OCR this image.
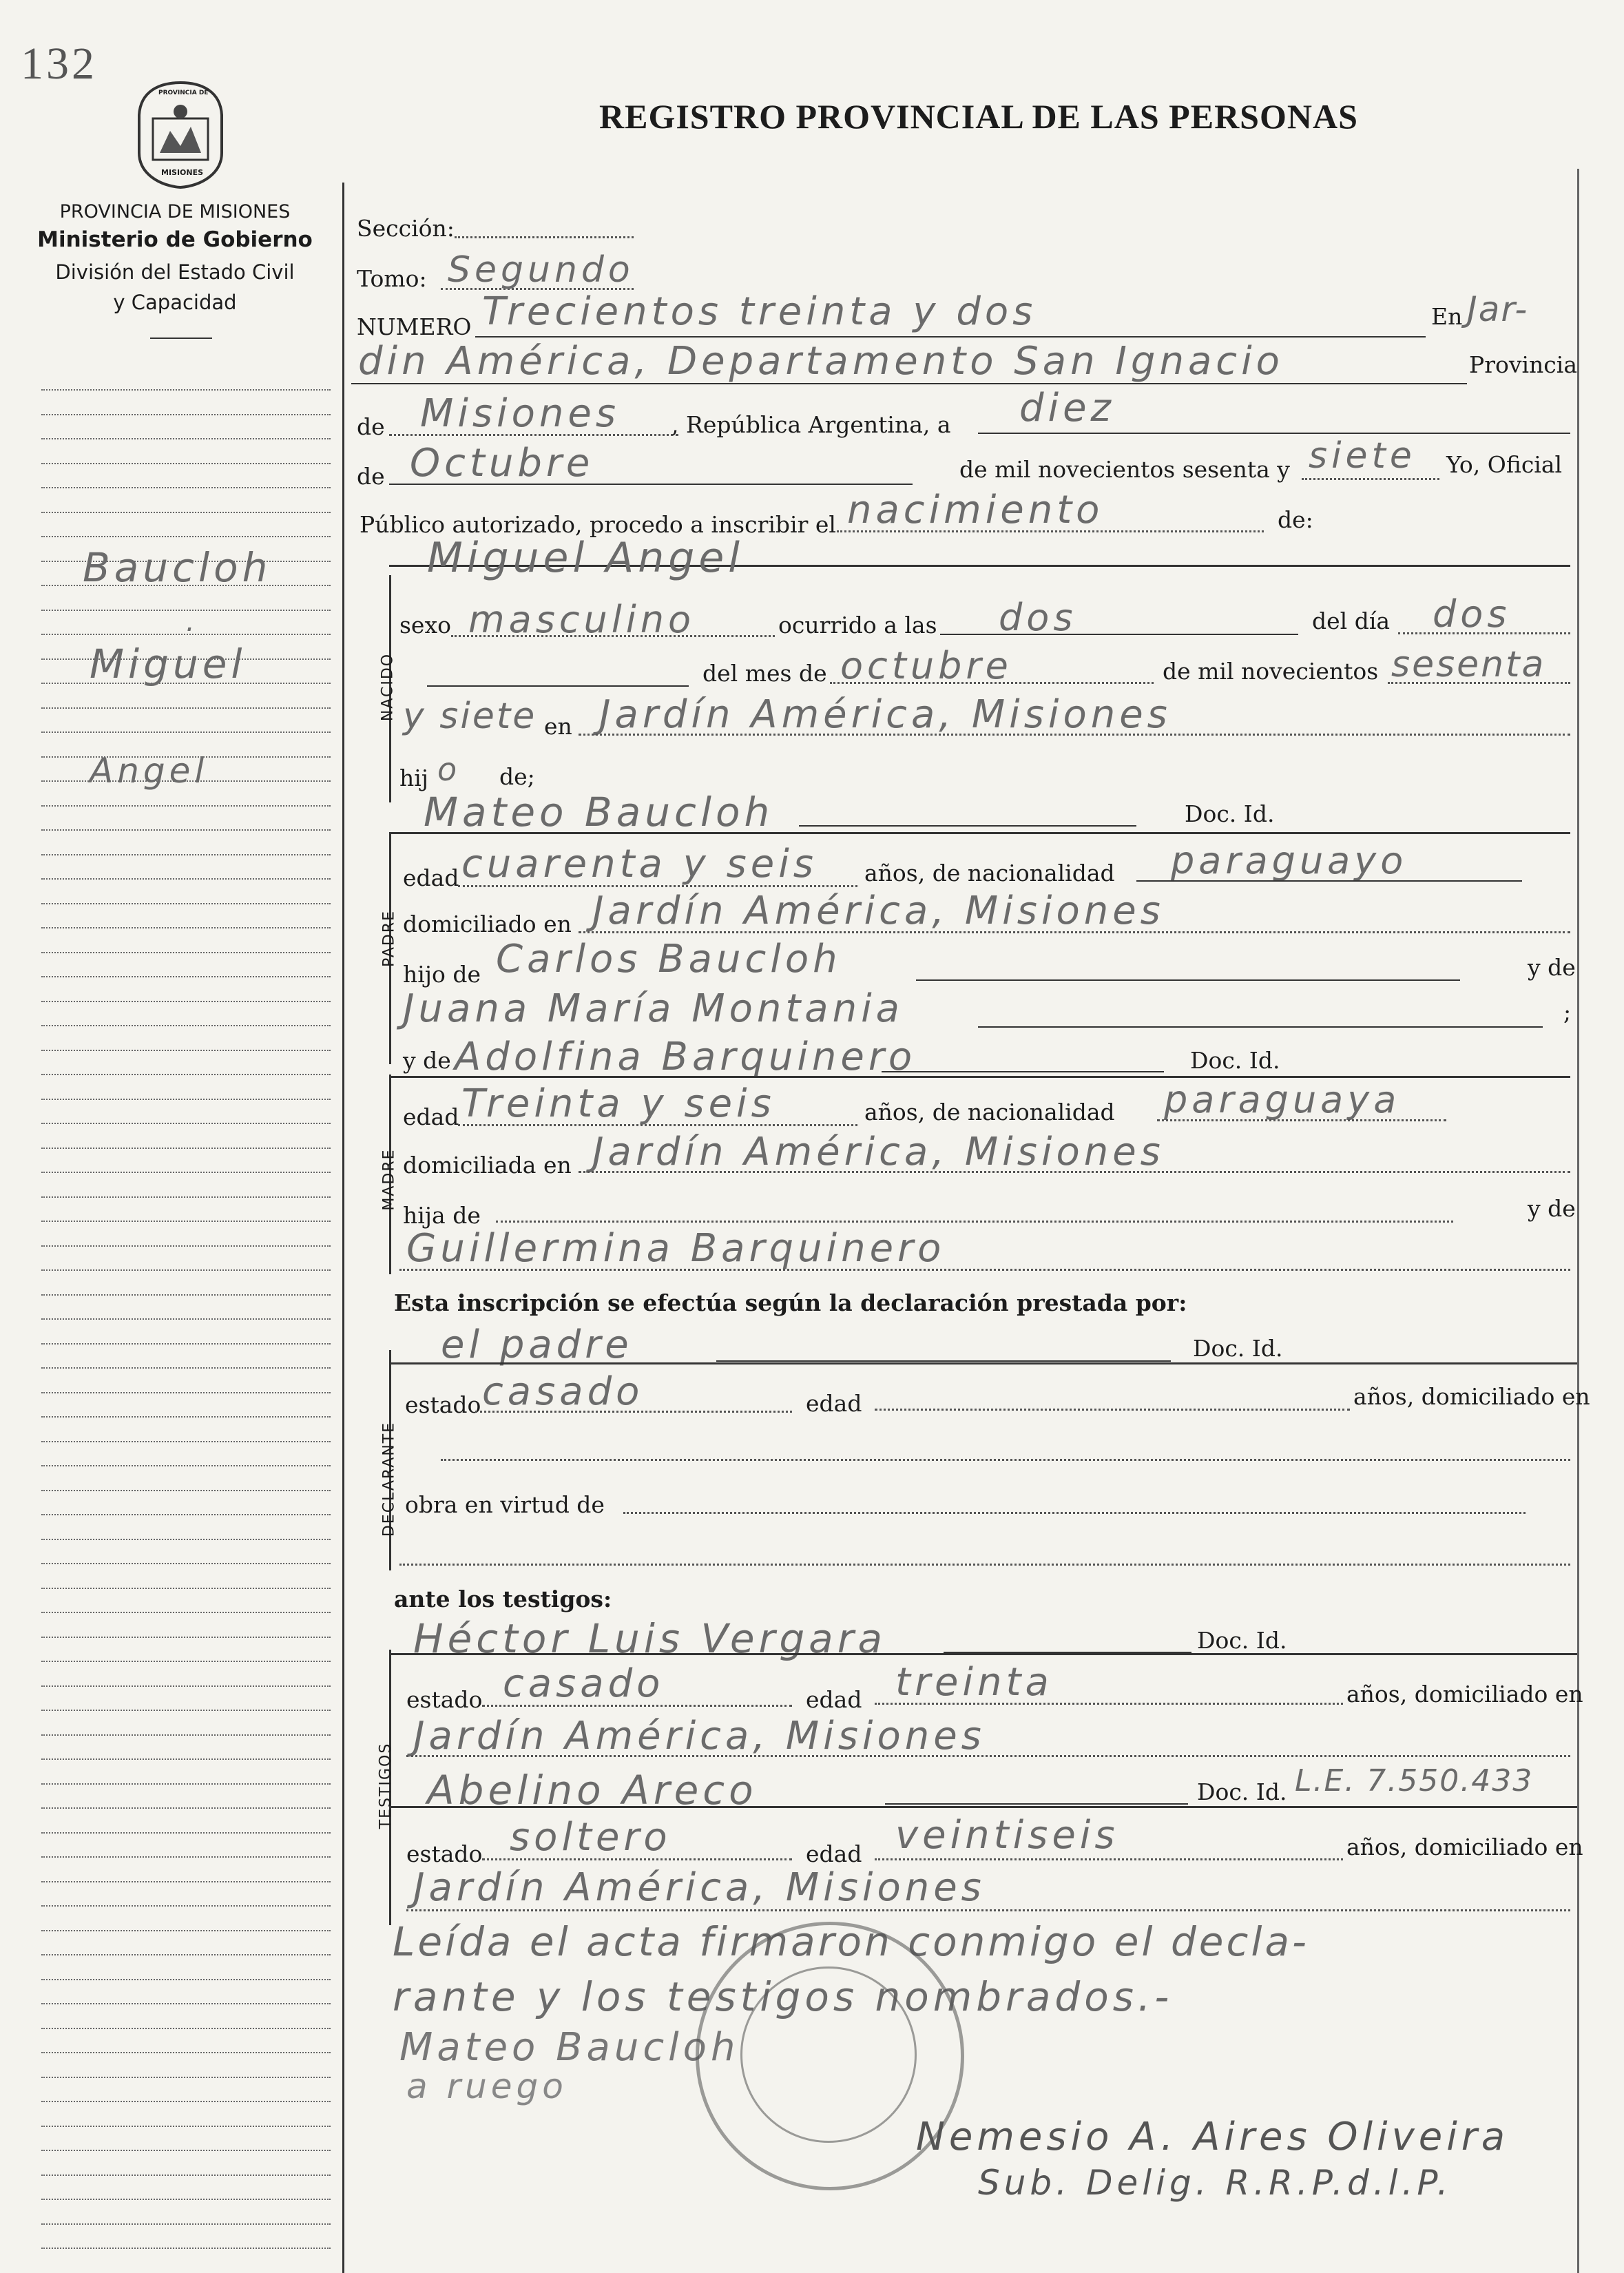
132
PROVINCIA DE
MISIONES
REGISTRO PROVINCIAL DE LAS PERSONAS
PROVINCIA DE MISIONES
Ministerio de Gobierno
División del Estado Civil
y Capacidad
Baucloh
.
Miguel
Angel
Sección:
Tomo: Segundo
NUMERO Trecientos treinta y dos	En Jar-
din América, Departamento San Ignacio	Provincia
de Misiones , República Argentina, a diez
de Octubre	de mil novecientos sesenta y siete Yo, Oficial
Público autorizado, procedo a inscribir el nacimiento	de:
NACIDO
Miguel Angel
sexo masculino	ocurrido a las dos	del día dos
del mes de octubre	de mil novecientos sesenta
y siete en Jardín América, Misiones
hij o de;
PADRE
Mateo Baucloh	Doc. Id.
edad cuarenta y seis años, de nacionalidad paraguayo
domiciliado en Jardín América, Misiones
hijo de Carlos Baucloh	y de
Juana María Montania	;
MADRE
y de Adolfina Barquinero	Doc. Id.
edad Treinta y seis	años, de nacionalidad paraguaya
domiciliada en Jardín América, Misiones
hija de	y de
Guillermina Barquinero
Esta inscripción se efectúa según la declaración prestada por:
DECLARANTE
el padre	Doc. Id.
estado casado	edad	años, domiciliado en
obra en virtud de
ante los testigos:
TESTIGOS
Héctor Luis Vergara	Doc. Id.
estado casado	edad treinta	años, domiciliado en
Jardín América, Misiones
Abelino Areco	Doc. Id. L.E. 7.550.433
estado soltero	edad veintiseis	años, domiciliado en
Jardín América, Misiones
Leída el acta firmaron conmigo el decla-
rante y los testigos nombrados.-
Mateo Baucloh
a ruego
Nemesio A. Aires Oliveira
Sub. Delig. R.R.P.d.l.P.
